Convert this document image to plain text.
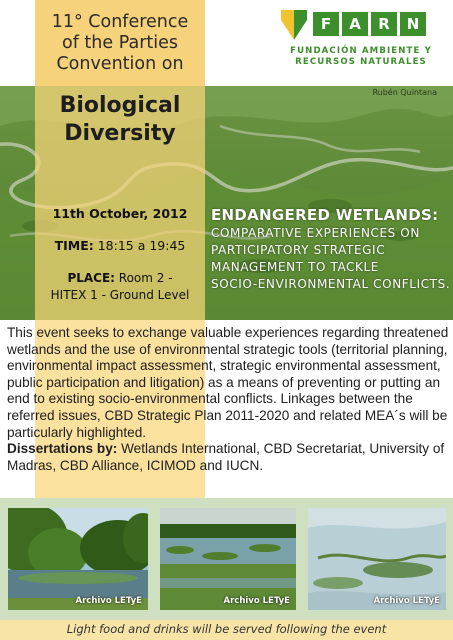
11° Conference
of the Parties
Convention on
Biological
Diversity
F	A	R	N
FUNDACIÓN AMBIENTE Y
RECURSOS NATURALES
Rubén Quintana
11th October, 2012
TIME: 18:15 a 19:45
PLACE: Room 2 -
HITEX 1 - Ground Level
ENDANGERED WETLANDS:
COMPARATIVE EXPERIENCES ON
PARTICIPATORY STRATEGIC
MANAGEMENT TO TACKLE
SOCIO-ENVIRONMENTAL CONFLICTS.

This event seeks to exchange valuable experiences regarding threatened wetlands and the use of environmental strategic tools (territorial planning, environmental impact assessment, strategic environmental assessment, public participation and litigation) as a means of preventing or putting an end to existing socio-environmental conflicts. Linkages between the referred issues, CBD Strategic Plan 2011-2020 and related MEA´s will be particularly highlighted.

Dissertations by: Wetlands International, CBD Secretariat, University of Madras, CBD Alliance, ICIMOD and IUCN.

Archivo LETyE	Archivo LETyE	Archivo LETyE
Light food and drinks will be served following the event
